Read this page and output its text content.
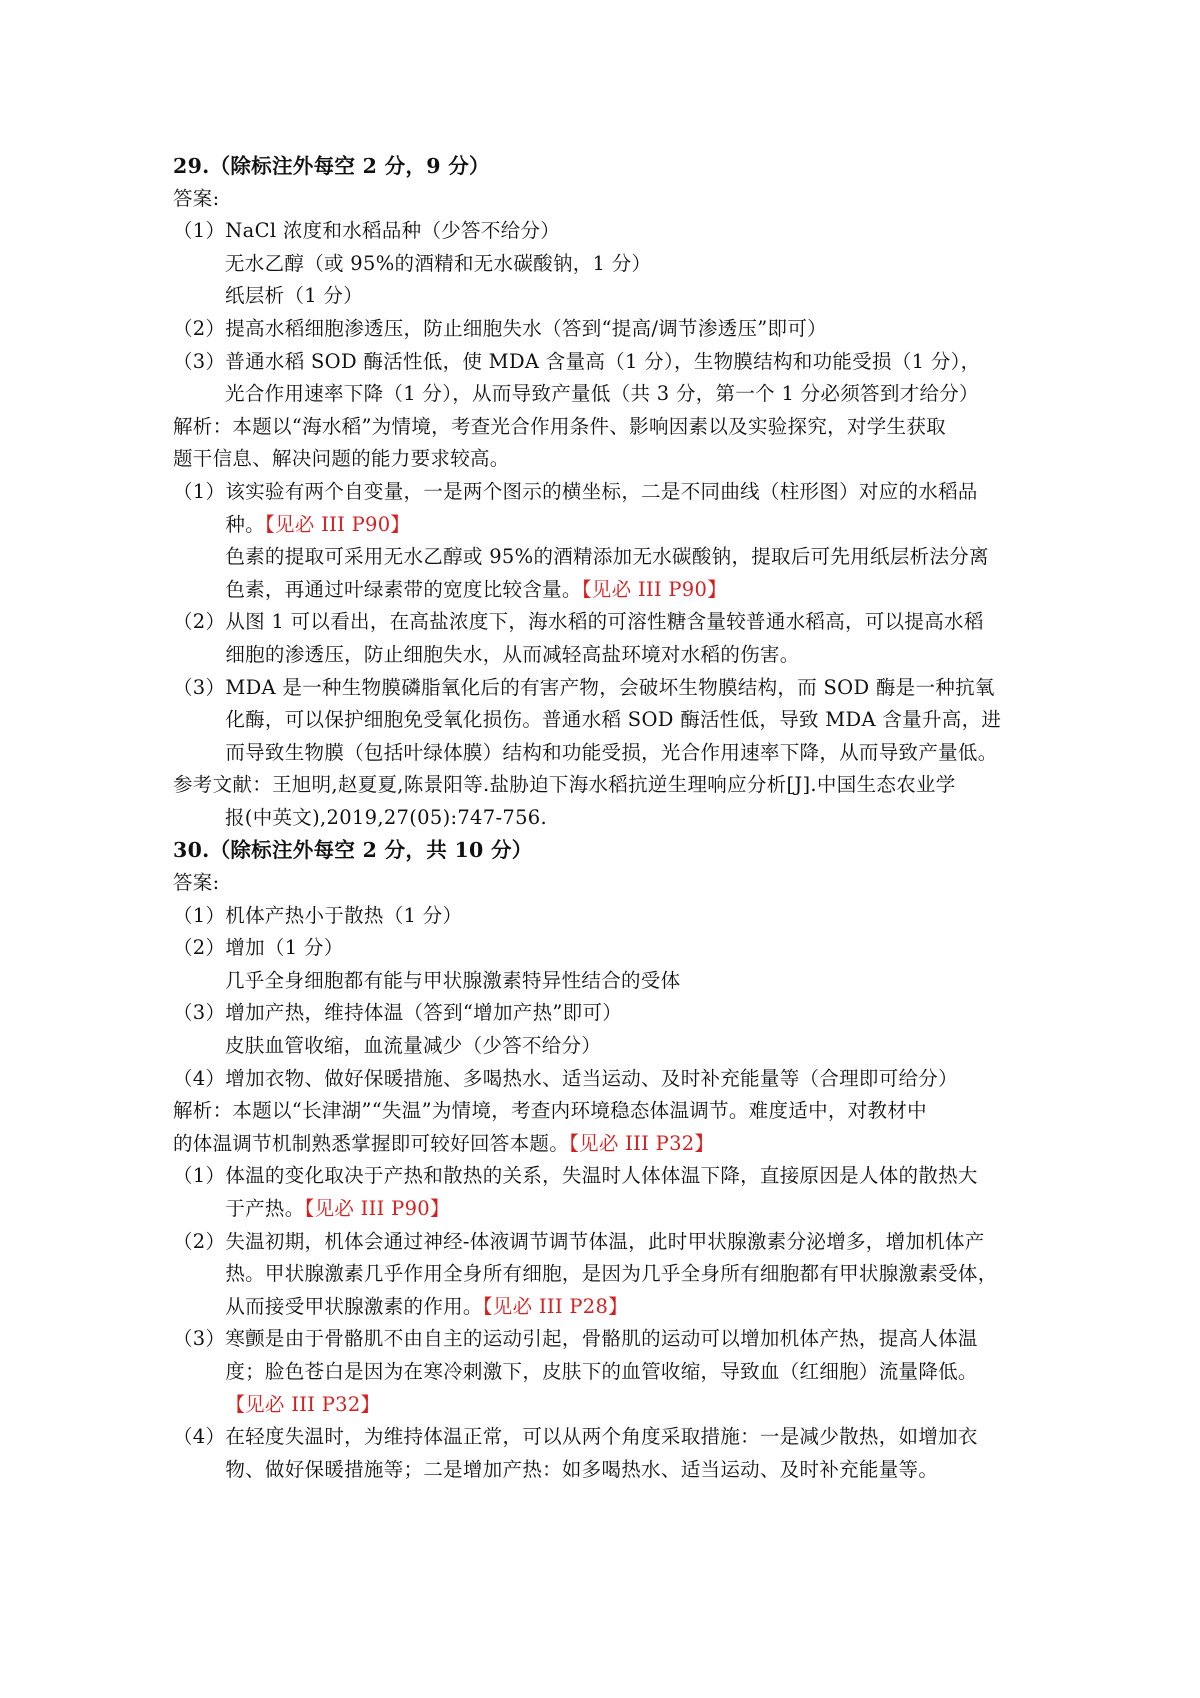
29.（除标注外每空 2 分，9 分）
答案:
（1）NaCl 浓度和水稻品种（少答不给分）
无水乙醇（或 95%的酒精和无水碳酸钠，1 分）
纸层析（1 分）
（2）提高水稻细胞渗透压，防止细胞失水（答到“提高/调节渗透压”即可）
（3）普通水稻 SOD 酶活性低，使 MDA 含量高（1 分），生物膜结构和功能受损（1 分），
光合作用速率下降（1 分），从而导致产量低（共 3 分，第一个 1 分必须答到才给分）
解析：本题以“海水稻”为情境，考查光合作用条件、影响因素以及实验探究，对学生获取
题干信息、解决问题的能力要求较高。
（1） 该实验有两个自变量，一是两个图示的横坐标，二是不同曲线（柱形图）对应的水稻品
种。【见必 III P90】
色素的提取可采用无水乙醇或 95%的酒精添加无水碳酸钠，提取后可先用纸层析法分离
色素，再通过叶绿素带的宽度比较含量。【见必 III P90】
（2） 从图 1 可以看出，在高盐浓度下，海水稻的可溶性糖含量较普通水稻高，可以提高水稻
细胞的渗透压，防止细胞失水，从而减轻高盐环境对水稻的伤害。
（3） MDA 是一种生物膜磷脂氧化后的有害产物，会破坏生物膜结构，而 SOD 酶是一种抗氧
化酶，可以保护细胞免受氧化损伤。普通水稻 SOD 酶活性低，导致 MDA 含量升高，进
而导致生物膜（包括叶绿体膜）结构和功能受损，光合作用速率下降，从而导致产量低。
参考文献：王旭明,赵夏夏,陈景阳等.盐胁迫下海水稻抗逆生理响应分析[J].中国生态农业学
报(中英文),2019,27(05):747-756.
30.（除标注外每空 2 分，共 10 分）
答案:
（1）机体产热小于散热（1 分）
（2）增加（1 分）
几乎全身细胞都有能与甲状腺激素特异性结合的受体
（3）增加产热，维持体温（答到“增加产热”即可）
皮肤血管收缩，血流量减少（少答不给分）
（4）增加衣物、做好保暖措施、多喝热水、适当运动、及时补充能量等（合理即可给分）
解析：本题以“长津湖”“失温”为情境，考查内环境稳态体温调节。难度适中，对教材中
的体温调节机制熟悉掌握即可较好回答本题。【见必 III P32】
（1） 体温的变化取决于产热和散热的关系，失温时人体体温下降，直接原因是人体的散热大
于产热。【见必 III P90】
（2） 失温初期，机体会通过神经-体液调节调节体温，此时甲状腺激素分泌增多，增加机体产
热。甲状腺激素几乎作用全身所有细胞，是因为几乎全身所有细胞都有甲状腺激素受体，
从而接受甲状腺激素的作用。【见必 III P28】
（3） 寒颤是由于骨骼肌不由自主的运动引起，骨骼肌的运动可以增加机体产热，提高人体温
度；脸色苍白是因为在寒冷刺激下，皮肤下的血管收缩，导致血（红细胞）流量降低。
【见必 III P32】
（4） 在轻度失温时，为维持体温正常，可以从两个角度采取措施：一是减少散热，如增加衣
物、做好保暖措施等；二是增加产热：如多喝热水、适当运动、及时补充能量等。
